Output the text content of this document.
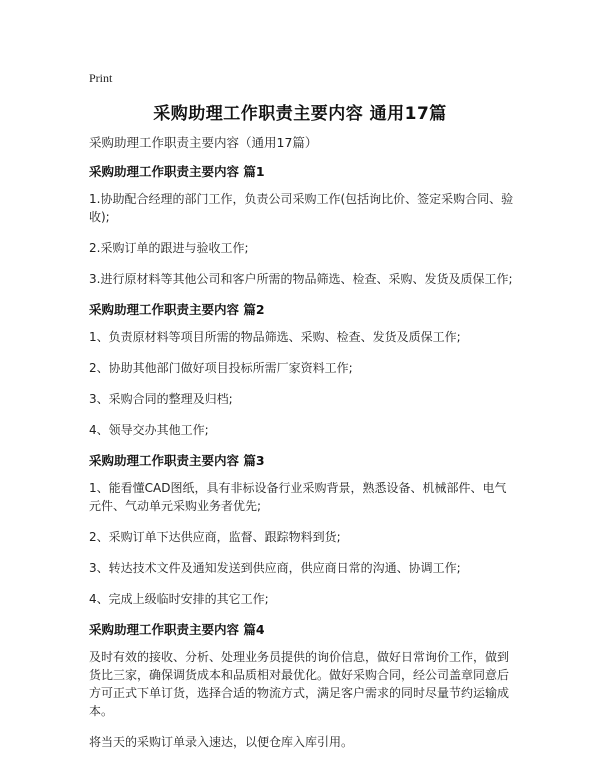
Print
采购助理工作职责主要内容 通用17篇

采购助理工作职责主要内容（通用17篇）

采购助理工作职责主要内容 篇1

1.协助配合经理的部门工作，负责公司采购工作(包括询比价、签定采购合同、验收);

2.采购订单的跟进与验收工作;

3.进行原材料等其他公司和客户所需的物品筛选、检查、采购、发货及质保工作;

采购助理工作职责主要内容 篇2

1、负责原材料等项目所需的物品筛选、采购、检查、发货及质保工作;

2、协助其他部门做好项目投标所需厂家资料工作;

3、采购合同的整理及归档;

4、领导交办其他工作;

采购助理工作职责主要内容 篇3

1、能看懂CAD图纸，具有非标设备行业采购背景，熟悉设备、机械部件、电气元件、气动单元采购业务者优先;

2、采购订单下达供应商，监督、跟踪物料到货;

3、转达技术文件及通知发送到供应商，供应商日常的沟通、协调工作;

4、完成上级临时安排的其它工作;

采购助理工作职责主要内容 篇4

及时有效的接收、分析、处理业务员提供的询价信息，做好日常询价工作，做到货比三家，确保调货成本和品质相对最优化。做好采购合同，经公司盖章同意后方可正式下单订货，选择合适的物流方式，满足客户需求的同时尽量节约运输成本。

将当天的采购订单录入速达，以便仓库入库引用。
